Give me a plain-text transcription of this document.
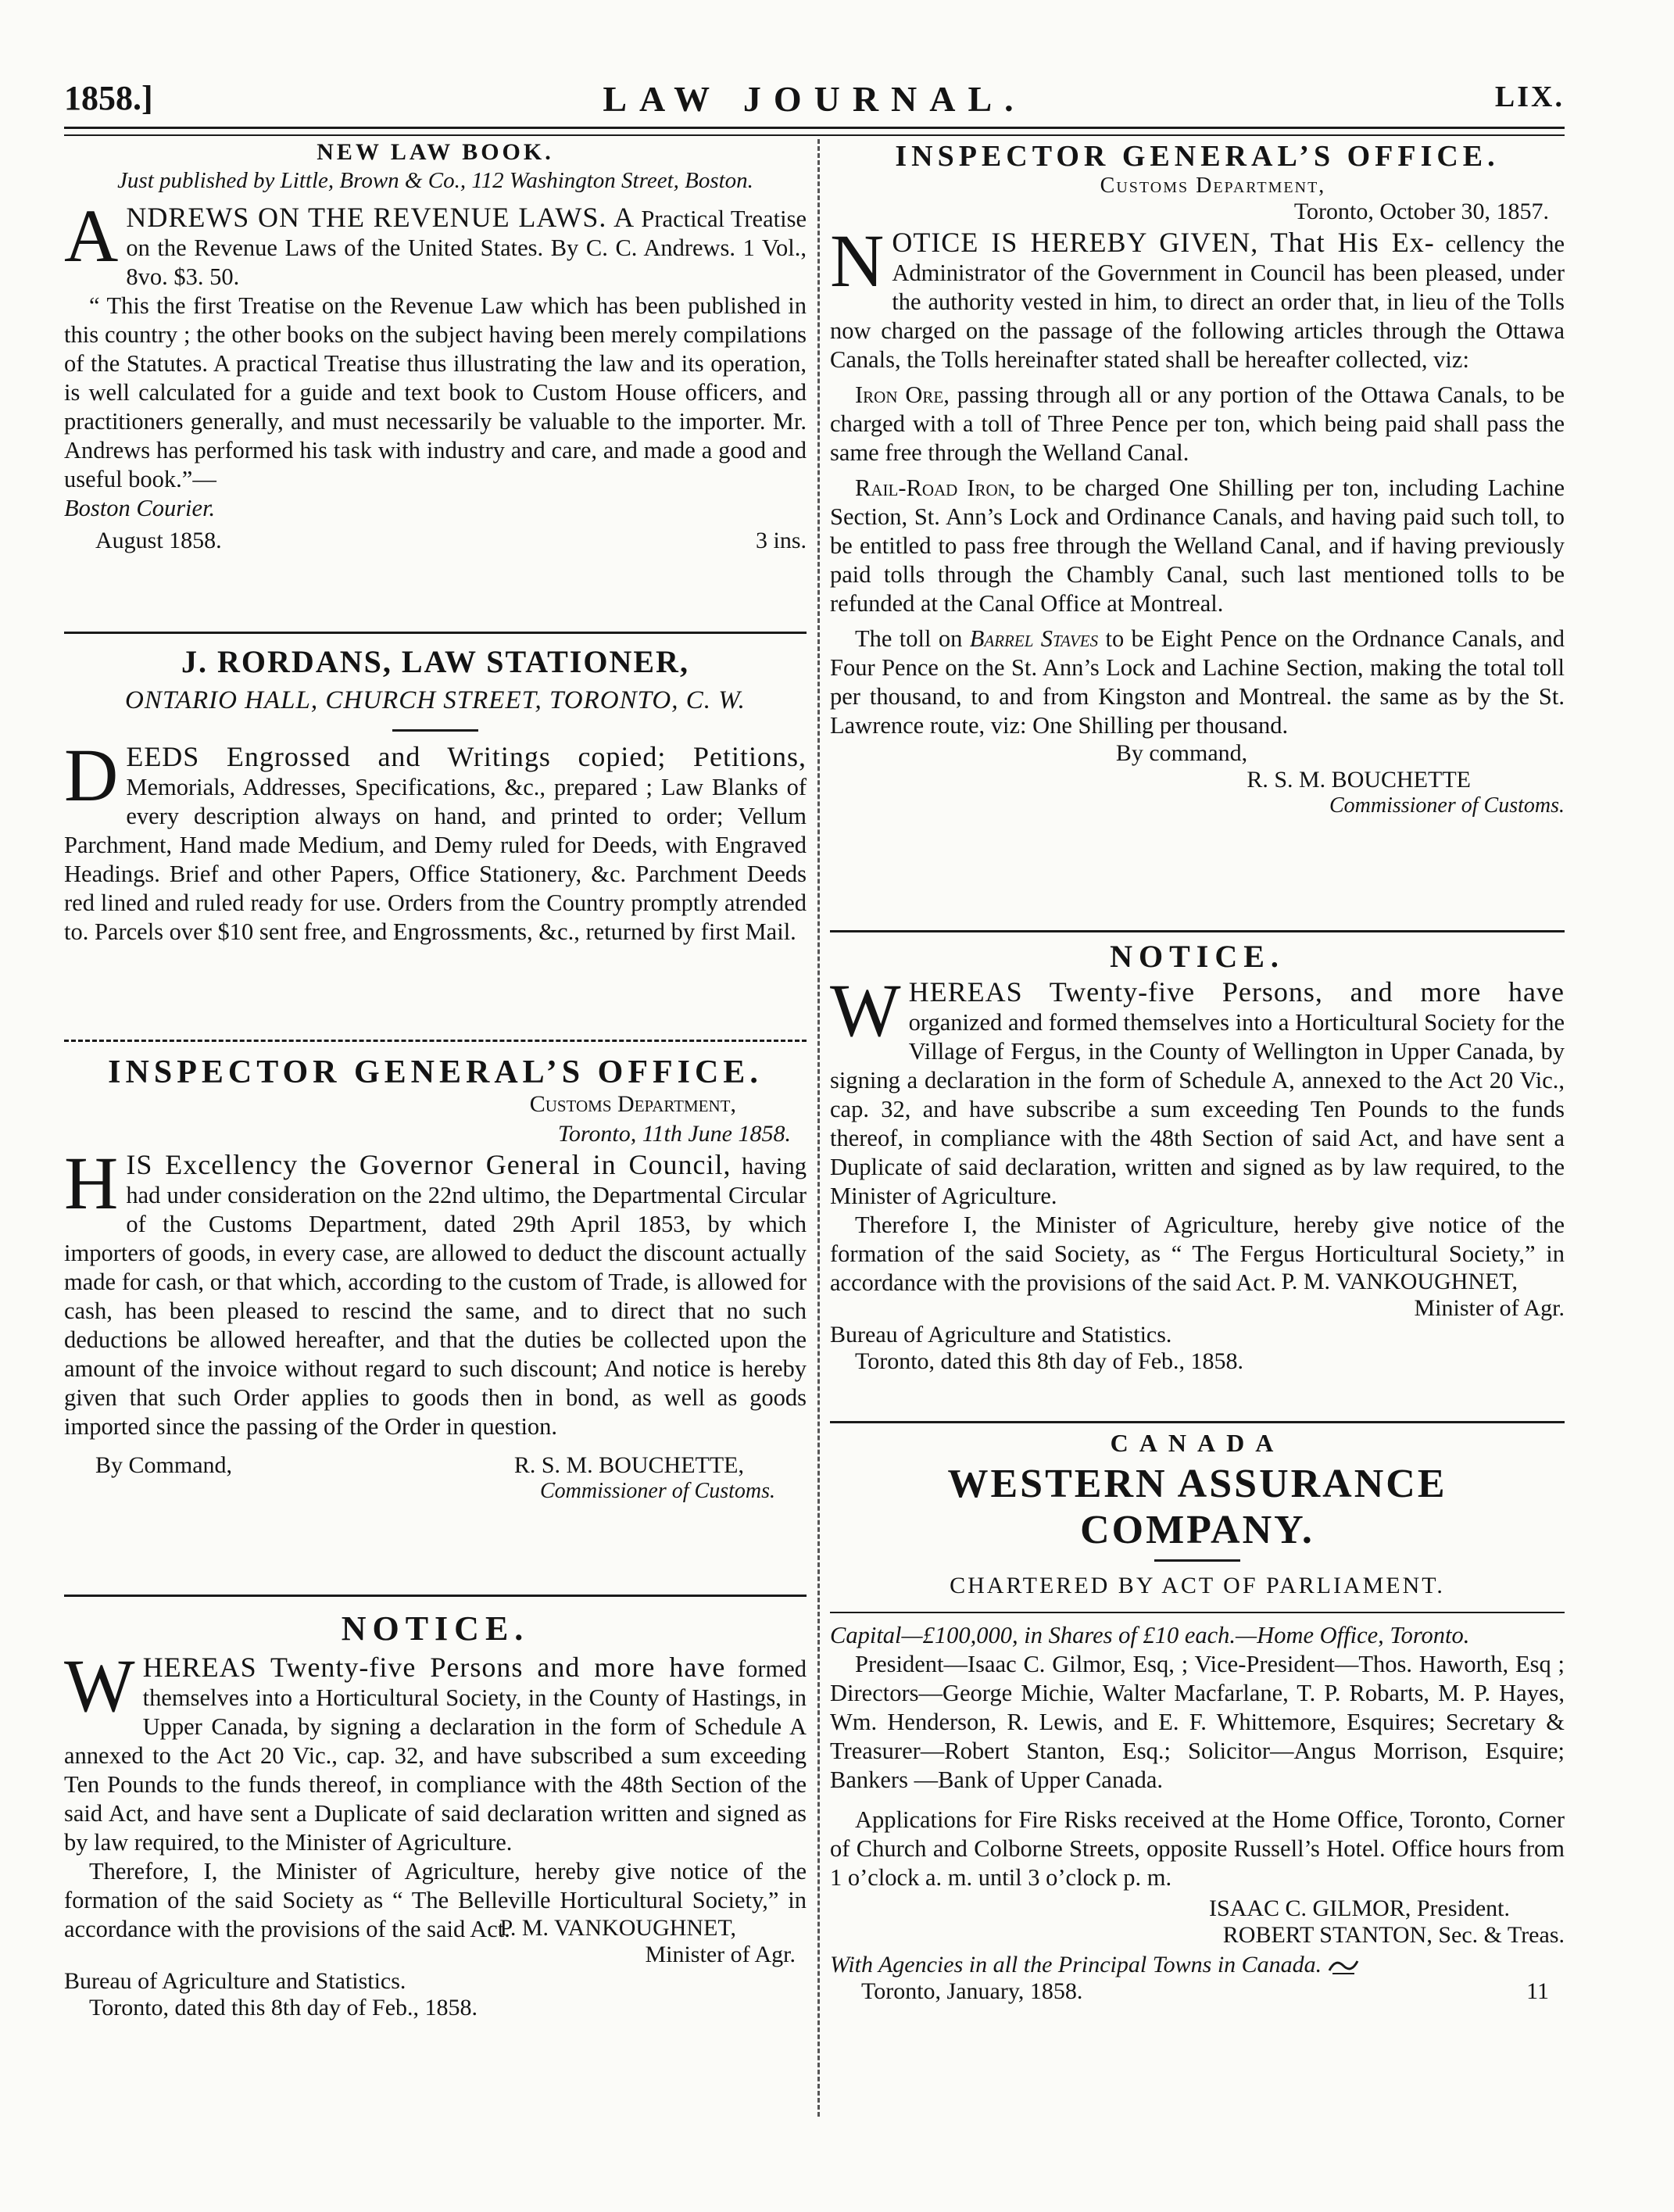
LAW JOURNAL.
1858.]	LIX.
NEW LAW BOOK.

Just published by Little, Brown & Co., 112 Washington Street, Boston.

A NDREWS ON THE REVENUE LAWS. A Practical Treatise on the Revenue Laws of the United States. By C. C. Andrews. 1 Vol., 8vo. $3. 50.

“ This the first Treatise on the Revenue Law which has been published in this country ; the other books on the subject having been merely compilations of the Statutes. A practical Treatise thus illustrating the law and its operation, is well calculated for a guide and text book to Custom House officers, and practitioners generally, and must necessarily be valuable to the importer. Mr. Andrews has performed his task with industry and care, and made a good and useful book.”—

Boston Courier.

August 1858.	3 ins.
J. RORDANS, LAW STATIONER,

ONTARIO HALL, CHURCH STREET, TORONTO, C. W.

D EEDS Engrossed and Writings copied; Petitions, Memorials, Addresses, Specifications, &c., prepared ; Law Blanks of every description always on hand, and printed to order; Vellum Parchment, Hand made Medium, and Demy ruled for Deeds, with Engraved Headings. Brief and other Papers, Office Stationery, &c. Parchment Deeds red lined and ruled ready for use. Orders from the Country promptly atrended to. Parcels over $10 sent free, and Engrossments, &c., returned by first Mail.

INSPECTOR GENERAL’S OFFICE.

Customs Department,

Toronto, 11th June 1858.

H IS Excellency the Governor General in Council, having had under consideration on the 22nd ultimo, the Departmental Circular of the Customs Department, dated 29th April 1853, by which importers of goods, in every case, are allowed to deduct the discount actually made for cash, or that which, according to the custom of Trade, is allowed for cash, has been pleased to rescind the same, and to direct that no such deductions be allowed hereafter, and that the duties be collected upon the amount of the invoice without regard to such discount; And notice is hereby given that such Order applies to goods then in bond, as well as goods imported since the passing of the Order in question.

By Command,	R. S. M. BOUCHETTE,

Commissioner of Customs.

NOTICE.
W HEREAS Twenty-five Persons and more have formed themselves into a Horticultural Society, in the County of Hastings, in Upper Canada, by signing a declaration in the form of Schedule A annexed to the Act 20 Vic., cap. 32, and have subscribed a sum exceeding Ten Pounds to the funds thereof, in compliance with the 48th Section of the said Act, and have sent a Duplicate of said declaration written and signed as by law required, to the Minister of Agriculture.

Therefore, I, the Minister of Agriculture, hereby give notice of the formation of the said Society as “ The Belleville Horticultural Society,” in accordance with the provisions of the said Act.

P. M. VANKOUGHNET,

Minister of Agr.

Bureau of Agriculture and Statistics.

Toronto, dated this 8th day of Feb., 1858.

INSPECTOR GENERAL’S OFFICE.

Customs Department,

Toronto, October 30, 1857.

N OTICE IS HEREBY GIVEN, That His Ex- cellency the Administrator of the Government in Council has been pleased, under the authority vested in him, to direct an order that, in lieu of the Tolls now charged on the passage of the following articles through the Ottawa Canals, the Tolls hereinafter stated shall be hereafter collected, viz:

Iron Ore, passing through all or any portion of the Ottawa Canals, to be charged with a toll of Three Pence per ton, which being paid shall pass the same free through the Welland Canal.

Rail-Road Iron, to be charged One Shilling per ton, including Lachine Section, St. Ann’s Lock and Ordinance Canals, and having paid such toll, to be entitled to pass free through the Welland Canal, and if having previously paid tolls through the Chambly Canal, such last mentioned tolls to be refunded at the Canal Office at Montreal.

The toll on Barrel Staves to be Eight Pence on the Ordnance Canals, and Four Pence on the St. Ann’s Lock and Lachine Section, making the total toll per thousand, to and from Kingston and Montreal. the same as by the St. Lawrence route, viz: One Shilling per thousand.

By command,

R. S. M. BOUCHETTE

Commissioner of Customs.

NOTICE.
W HEREAS Twenty-five Persons, and more have organized and formed themselves into a Horticultural Society for the Village of Fergus, in the County of Wellington in Upper Canada, by signing a declaration in the form of Schedule A, annexed to the Act 20 Vic., cap. 32, and have subscribe a sum exceeding Ten Pounds to the funds thereof, in compliance with the 48th Section of said Act, and have sent a Duplicate of said declaration, written and signed as by law required, to the Minister of Agriculture.

Therefore I, the Minister of Agriculture, hereby give notice of the formation of the said Society, as “ The Fergus Horticultural Society,” in accordance with the provisions of the said Act. P. M. VANKOUGHNET,

Minister of Agr.

Bureau of Agriculture and Statistics.

Toronto, dated this 8th day of Feb., 1858.

CANADA
WESTERN ASSURANCE COMPANY.

CHARTERED BY ACT OF PARLIAMENT.

Capital—£100,000, in Shares of £10 each.—Home Office, Toronto.

President—Isaac C. Gilmor, Esq, ; Vice-President—Thos. Haworth, Esq ; Directors—George Michie, Walter Macfarlane, T. P. Robarts, M. P. Hayes, Wm. Henderson, R. Lewis, and E. F. Whittemore, Esquires; Secretary & Treasurer—Robert Stanton, Esq.; Solicitor—Angus Morrison, Esquire; Bankers —Bank of Upper Canada.

Applications for Fire Risks received at the Home Office, Toronto, Corner of Church and Colborne Streets, opposite Russell’s Hotel. Office hours from 1 o’clock a. m. until 3 o’clock p. m.

ISAAC C. GILMOR, President.

ROBERT STANTON, Sec. & Treas.

With Agencies in all the Principal Towns in Canada.

Toronto, January, 1858.	11
